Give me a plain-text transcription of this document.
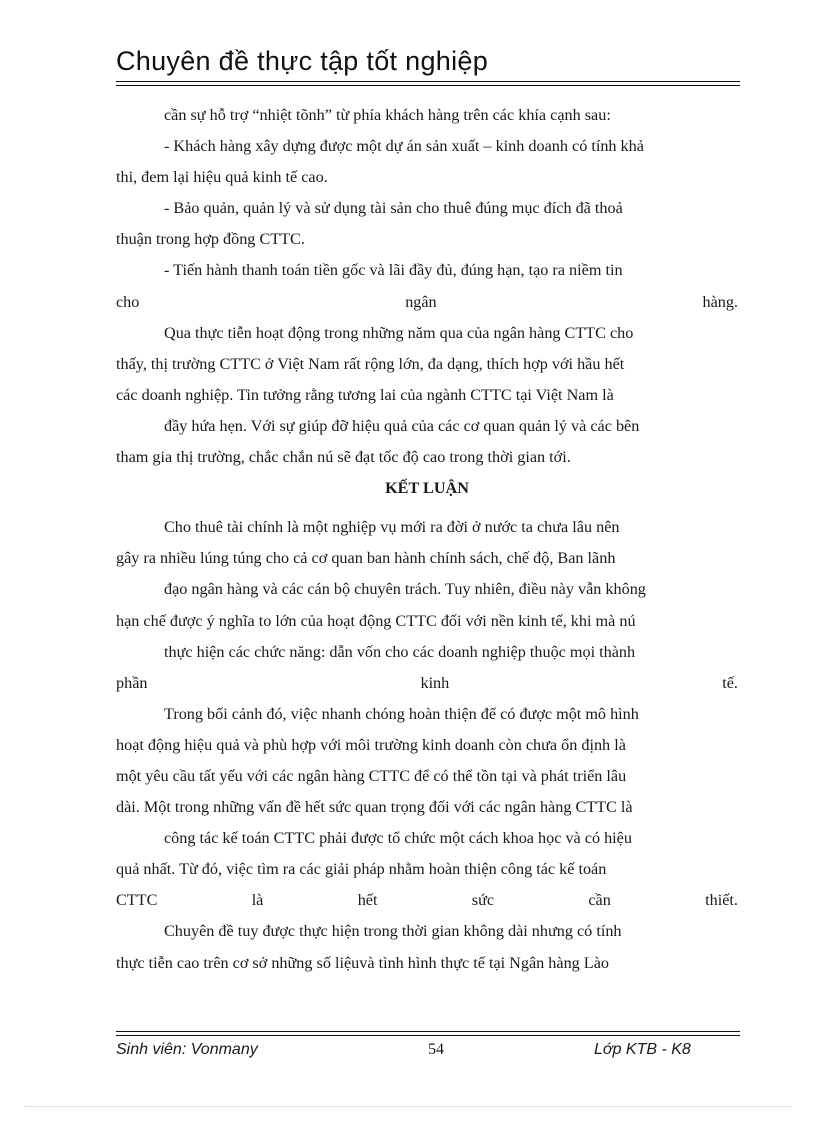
Chuyên đề thực tập tốt nghiệp
cần sự hỗ trợ “nhiệt tõnh” từ phía khách hàng trên các khía cạnh sau:
- Khách hàng xây dựng được một dự án sản xuất – kinh doanh có tính khả
thi, đem lại hiệu quả kinh tế cao.
- Bảo quản, quản lý và sử dụng tài sản cho thuê đúng mục đích đã thoả
thuận trong hợp đồng CTTC.
- Tiến hành thanh toán tiền gốc và lãi đầy đủ, đúng hạn, tạo ra niềm tin
cho	ngân	hàng.
Qua thực tiễn hoạt động trong những năm qua của ngân hàng CTTC cho
thấy, thị trường CTTC ở Việt Nam rất rộng lớn, đa dạng, thích hợp với hầu hết
các doanh nghiệp. Tin tưởng rằng tương lai của ngành CTTC tại Việt Nam là
đầy hứa hẹn. Với sự giúp đỡ hiệu quả của các cơ quan quản lý và các bên
tham gia thị trường, chắc chắn nú sẽ đạt tốc độ cao trong thời gian tới.
KẾT LUẬN
Cho thuê tài chính là một nghiệp vụ mới ra đời ở nước ta chưa lâu nên
gây ra nhiều lúng túng cho cả cơ quan ban hành chính sách, chế độ, Ban lãnh
đạo ngân hàng và các cán bộ chuyên trách. Tuy nhiên, điều này vẫn không
hạn chế được ý nghĩa to lớn của hoạt động CTTC đối với nền kinh tế, khi mà nú
thực hiện các chức năng: dẫn vốn cho các doanh nghiệp thuộc mọi thành
phần	kinh	tế.
Trong bối cảnh đó, việc nhanh chóng hoàn thiện để có được một mô hình
hoạt động hiệu quả và phù hợp với môi trường kinh doanh còn chưa ổn định là
một yêu cầu tất yếu với các ngân hàng CTTC để có thể tồn tại và phát triển lâu
dài. Một trong những vấn đề hết sức quan trọng đối với các ngân hàng CTTC là
công tác kế toán CTTC phải được tổ chức một cách khoa học và có hiệu
quả nhất. Từ đó, việc tìm ra các giải pháp nhằm hoàn thiện công tác kế toán
CTTC	là	hết	sức	cần	thiết.
Chuyên đề tuy được thực hiện trong thời gian không dài nhưng có tính
thực tiễn cao trên cơ sở những số liệuvà tình hình thực tế tại Ngân hàng Lào
Sinh viên: Vonmany	54	Lớp KTB - K8
